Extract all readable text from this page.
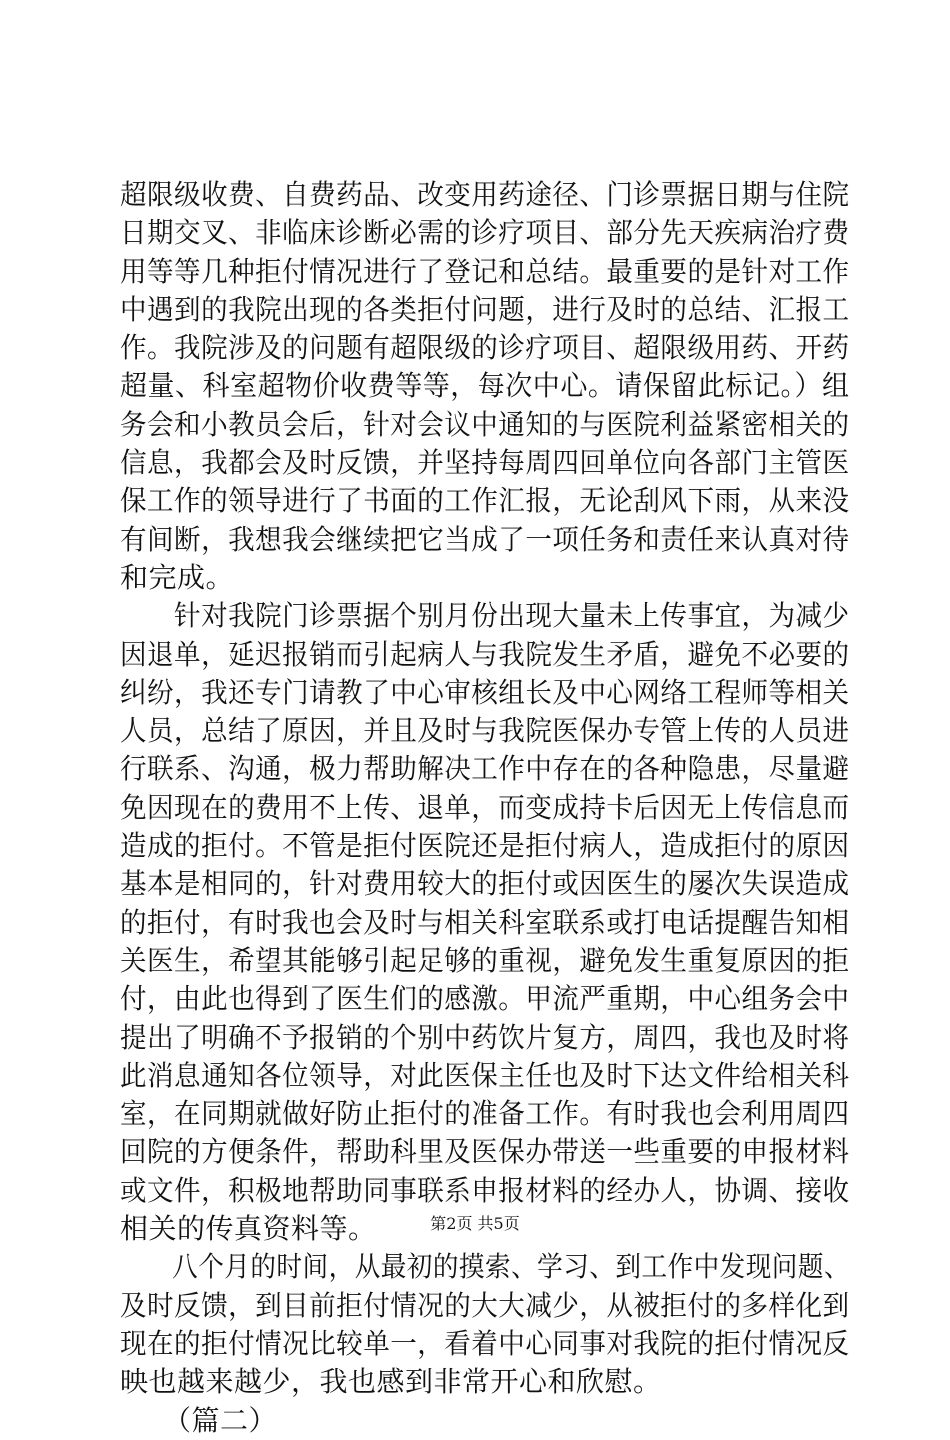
超限级收费、自费药品、改变用药途径、门诊票据日期与住院
日期交叉、非临床诊断必需的诊疗项目、部分先天疾病治疗费
用等等几种拒付情况进行了登记和总结。最重要的是针对工作
中遇到的我院出现的各类拒付问题，进行及时的总结、汇报工
作。我院涉及的问题有超限级的诊疗项目、超限级用药、开药
超量、科室超物价收费等等，每次中心。请保留此标记。）组
务会和小教员会后，针对会议中通知的与医院利益紧密相关的
信息，我都会及时反馈，并坚持每周四回单位向各部门主管医
保工作的领导进行了书面的工作汇报，无论刮风下雨，从来没
有间断，我想我会继续把它当成了一项任务和责任来认真对待
和完成。
　　针对我院门诊票据个别月份出现大量未上传事宜，为减少
因退单，延迟报销而引起病人与我院发生矛盾，避免不必要的
纠纷，我还专门请教了中心审核组长及中心网络工程师等相关
人员，总结了原因，并且及时与我院医保办专管上传的人员进
行联系、沟通，极力帮助解决工作中存在的各种隐患，尽量避
免因现在的费用不上传、退单，而变成持卡后因无上传信息而
造成的拒付。不管是拒付医院还是拒付病人，造成拒付的原因
基本是相同的，针对费用较大的拒付或因医生的屡次失误造成
的拒付，有时我也会及时与相关科室联系或打电话提醒告知相
关医生，希望其能够引起足够的重视，避免发生重复原因的拒
付，由此也得到了医生们的感激。甲流严重期，中心组务会中
提出了明确不予报销的个别中药饮片复方，周四，我也及时将
此消息通知各位领导，对此医保主任也及时下达文件给相关科
室，在同期就做好防止拒付的准备工作。有时我也会利用周四
回院的方便条件，帮助科里及医保办带送一些重要的申报材料
或文件，积极地帮助同事联系申报材料的经办人，协调、接收
相关的传真资料等。
　　八个月的时间，从最初的摸索、学习、到工作中发现问题、
及时反馈，到目前拒付情况的大大减少，从被拒付的多样化到
现在的拒付情况比较单一，看着中心同事对我院的拒付情况反
映也越来越少，我也感到非常开心和欣慰。
　　（篇二）
第2页 共5页
